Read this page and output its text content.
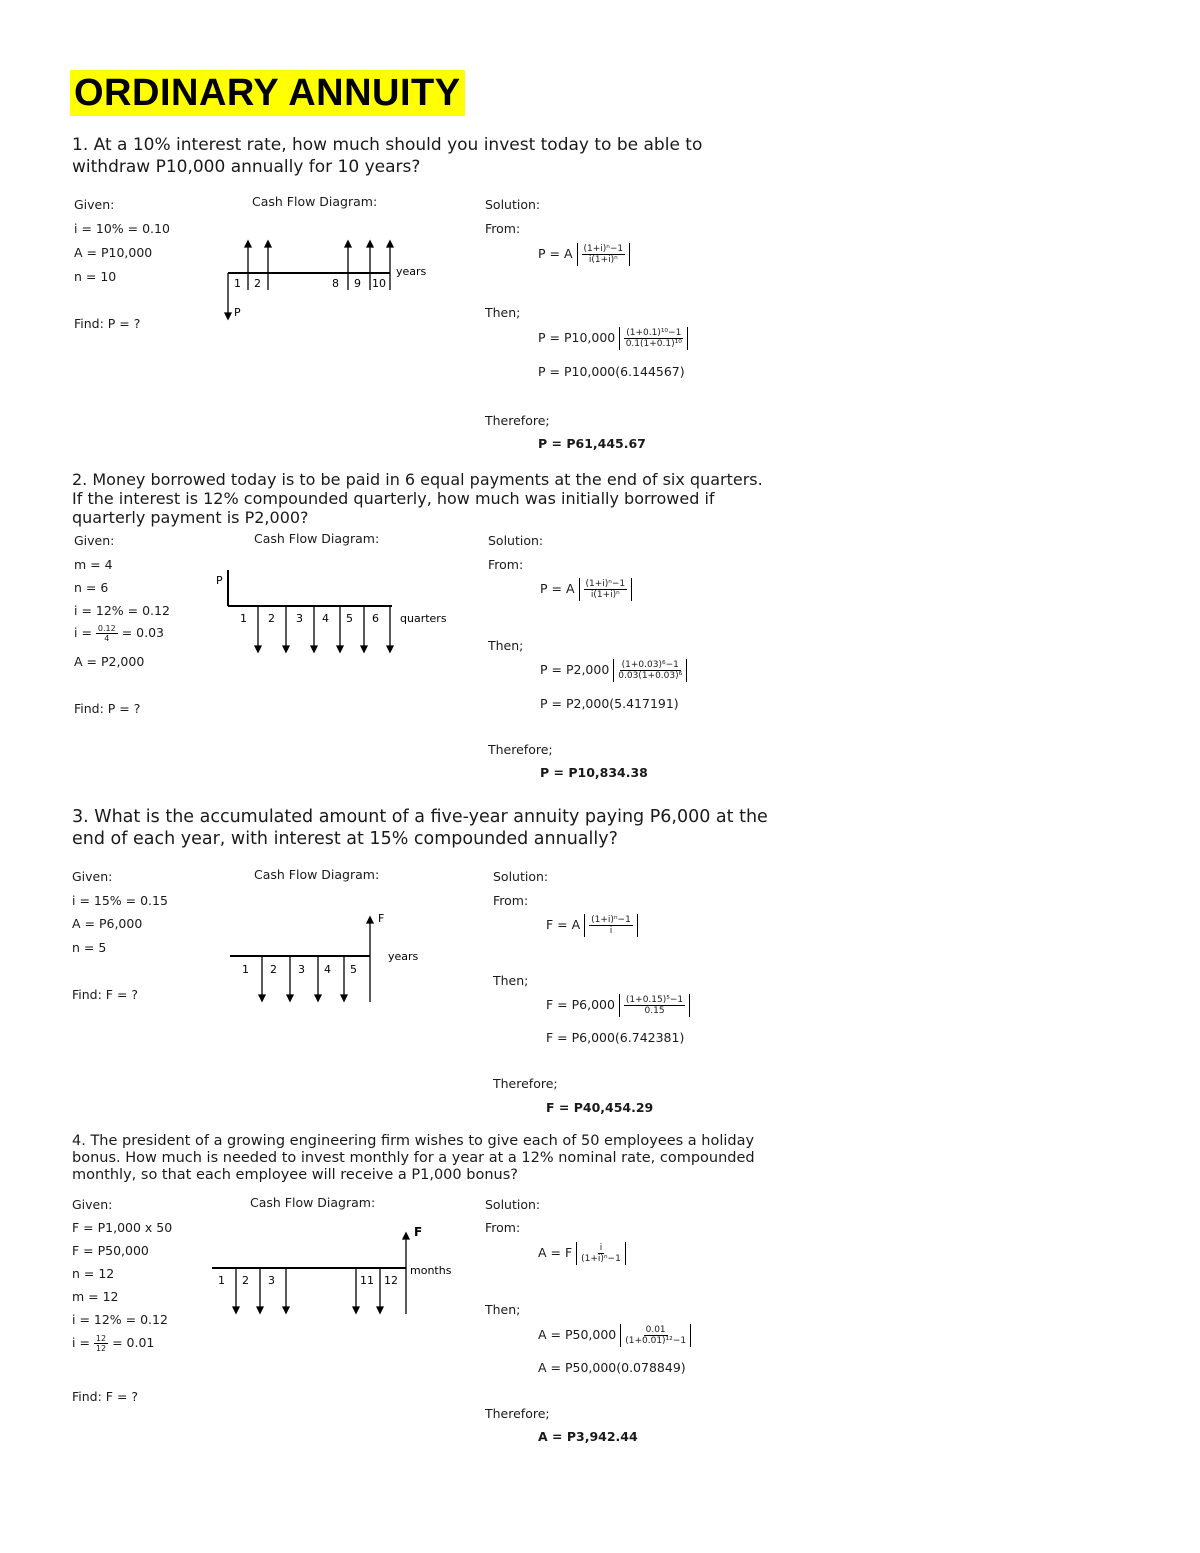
ORDINARY ANNUITY
1. At a 10% interest rate, how much should you invest today to be able to withdraw P10,000 annually for 10 years?
Given:
i = 10% = 0.10
A = P10,000
n = 10
Find: P = ?
Cash Flow Diagram:
1 2	8 9 10
years
P
Solution:
From:
P = A $\frac{\text{(1+i)ⁿ−1}}{\text{i(1+i)ⁿ}}$
Then;
$P = P10,000 \frac{\text{(1+0.1)¹⁰−1}}{\text{0.1(1+0.1)¹⁰}}$
P = P10,000(6.144567)
Therefore;
P = P61,445.67
2. Money borrowed today is to be paid in 6 equal payments at the end of six quarters. If the interest is 12% compounded quarterly, how much was initially borrowed if quarterly payment is P2,000?
Given:
m = 4
n = 6
i = 12% = 0.12
$i = \frac{0.12}{4} = 0.03$
A = P2,000
Find: P = ?
Cash Flow Diagram:
P
1 2 3 4 5 6 quarters
Solution:
From:
P = A $\frac{\text{(1+i)ⁿ−1}}{\text{i(1+i)ⁿ}}$
Then;
$P = P2,000 \frac{\text{(1+0.03)⁶−1}}{\text{0.03(1+0.03)⁶}}$
P = P2,000(5.417191)
Therefore;
P = P10,834.38
3. What is the accumulated amount of a five-year annuity paying P6,000 at the end of each year, with interest at 15% compounded annually?
Given:
i = 15% = 0.15
A = P6,000
n = 5
Find: F = ?
Cash Flow Diagram:
F
1 2 3 4 5
years
Solution:
From:
F = A $\frac{\text{(1+i)ⁿ−1}}{i}$
Then;
$F = P6,000 \frac{\text{(1+0.15)⁵−1}}{0.15}$
F = P6,000(6.742381)
Therefore;
F = P40,454.29
4. The president of a growing engineering firm wishes to give each of 50 employees a holiday bonus. How much is needed to invest monthly for a year at a 12% nominal rate, compounded monthly, so that each employee will receive a P1,000 bonus?
Given:
F = P1,000 x 50
F = P50,000
n = 12
m = 12
i = 12% = 0.12
$i = \frac{12}{12} = 0.01$
Find: F = ?
Cash Flow Diagram:
F
1 2 3	11 12
months
Solution:
From:
A = F $\frac{i}{\text{(1+i)ⁿ−1}}$
Then;
$A = P50,000 \frac{0.01}{\text{(1+0.01)¹²−1}}$
A = P50,000(0.078849)
Therefore;
A = P3,942.44
